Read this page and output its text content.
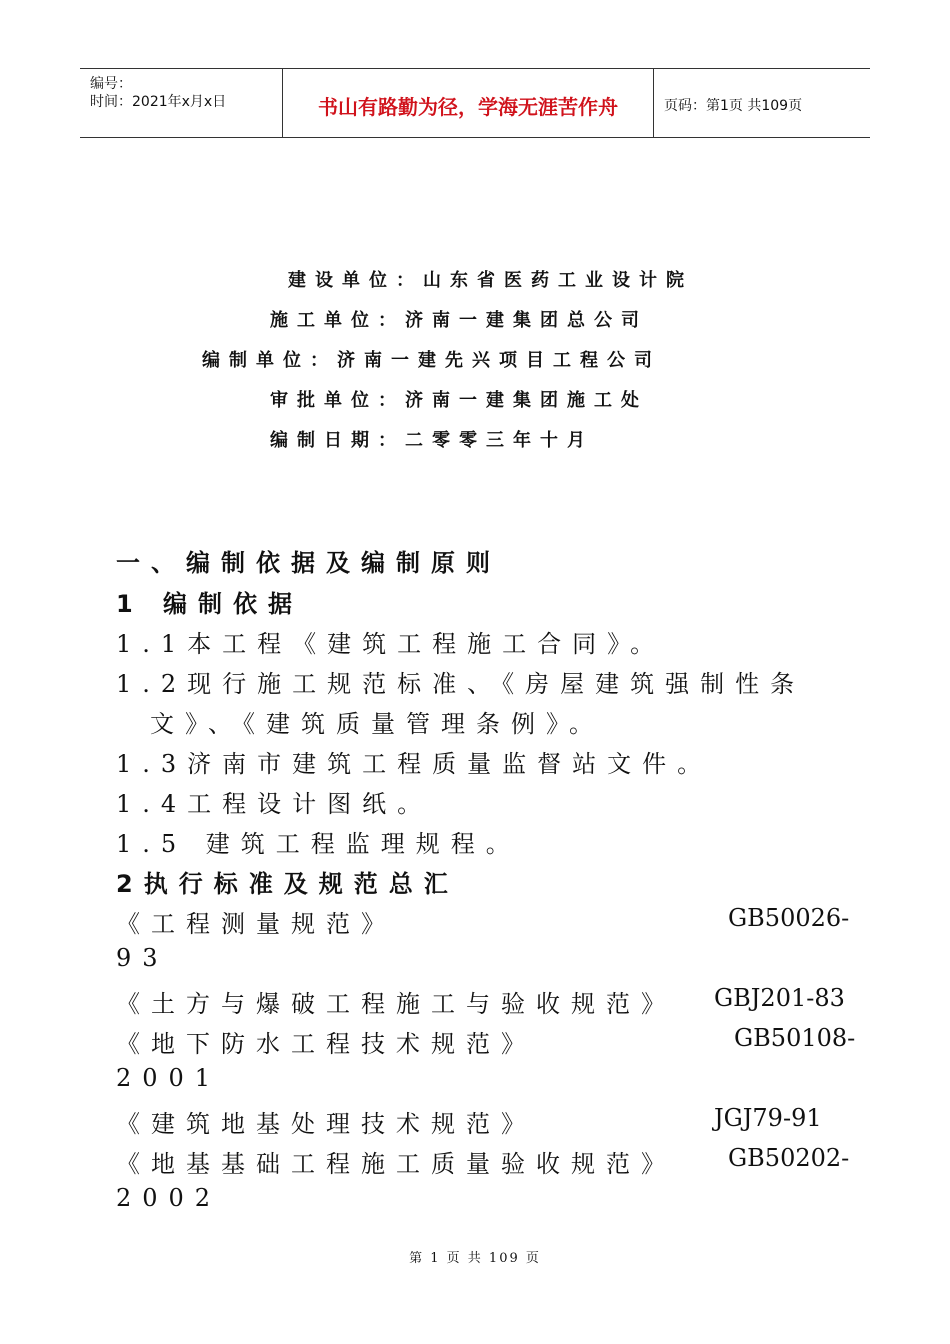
编号：
时间：2021年x月x日	书山有路勤为径，学海无涯苦作舟	页码：第1页 共109页
建设单位：山东省医药工业设计院
施工单位：济南一建集团总公司
编制单位：济南一建先兴项目工程公司
审批单位：济南一建集团施工处
编制日期：二零零三年十月
一、编制依据及编制原则
1 编制依据
1.1本工程《建筑工程施工合同》。
1.2现行施工规范标准、《房屋建筑强制性条
文》、《建筑质量管理条例》。
1.3济南市建筑工程质量监督站文件。
1.4工程设计图纸。
1.5 建筑工程监理规程。
2执行标准及规范总汇
《工程测量规范》	GB50026-
93
《土方与爆破工程施工与验收规范》 GBJ201-83
《地下防水工程技术规范》	GB50108-
2001
《建筑地基处理技术规范》	JGJ79-91
《地基基础工程施工质量验收规范》 GB50202-
2002
第 1 页 共 109 页
